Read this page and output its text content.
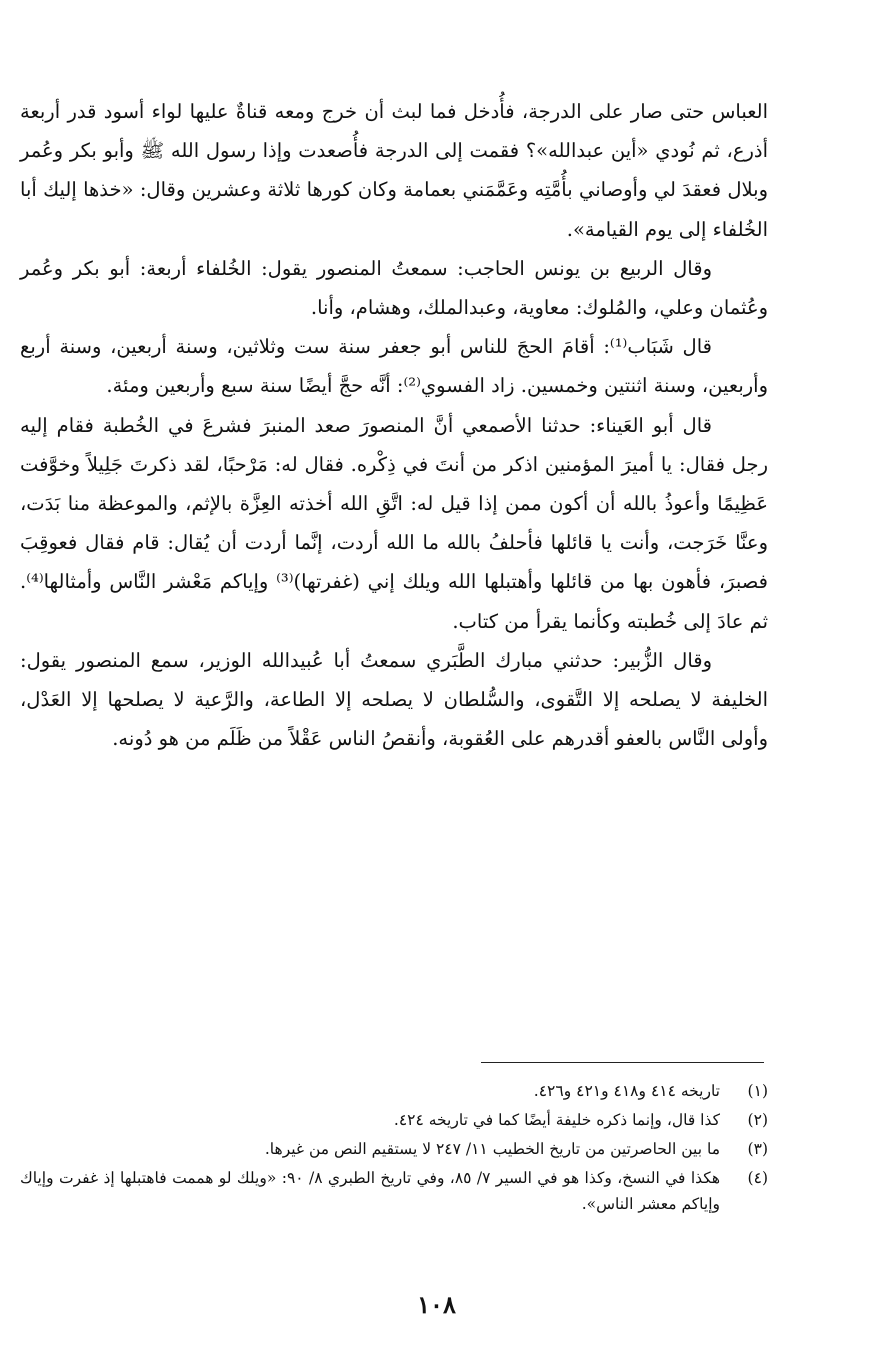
العباس حتى صار على الدرجة، فأُدخل فما لبث أن خرج ومعه قناةٌ عليها لواء أسود قدر أربعة أذرع، ثم نُودي «أين عبدالله»؟ فقمت إلى الدرجة فأُصعدت وإذا رسول الله ﷺ وأبو بكر وعُمر وبلال فعقدَ لي وأوصاني بأُمَّتِه وعَمَّمَني بعمامة وكان كورها ثلاثة وعشرين وقال: «خذها إليك أبا الخُلفاء إلى يوم القيامة».

وقال الربيع بن يونس الحاجب: سمعتُ المنصور يقول: الخُلفاء أربعة: أبو بكر وعُمر وعُثمان وعلي، والمُلوك: معاوية، وعبدالملك، وهشام، وأنا.

قال شَبَاب⁽¹⁾: أقامَ الحجَ للناس أبو جعفر سنة ست وثلاثين، وسنة أربعين، وسنة أربع وأربعين، وسنة اثنتين وخمسين. زاد الفسوي⁽²⁾: أنَّه حجَّ أيضًا سنة سبع وأربعين ومئة.

قال أبو العَيناء: حدثنا الأصمعي أنَّ المنصورَ صعد المنبرَ فشرعَ في الخُطبة فقام إليه رجل فقال: يا أميرَ المؤمنين اذكر من أنتَ في ذِكْره. فقال له: مَرْحبًا، لقد ذكرتَ جَلِيلاً وخوَّفت عَظِيمًا وأعوذُ بالله أن أكون ممن إذا قيل له: اتَّقِ الله أخذته العِزَّة بالإثم، والموعظة منا بَدَت، وعنَّا خَرَجت، وأنت يا قائلها فأحلفُ بالله ما الله أردت، إنَّما أردت أن يُقال: قام فقال فعوقِبَ فصبرَ، فأهون بها من قائلها وأهتبلها الله ويلك إني (غفرتها)⁽³⁾ وإياكم مَعْشر النَّاس وأمثالها⁽⁴⁾. ثم عادَ إلى خُطبته وكأنما يقرأ من كتاب.

وقال الزُّبير: حدثني مبارك الطَّبَري سمعتُ أبا عُبيدالله الوزير، سمع المنصور يقول: الخليفة لا يصلحه إلا التَّقوى، والسُّلطان لا يصلحه إلا الطاعة، والرَّعية لا يصلحها إلا العَدْل، وأولى النَّاس بالعفو أقدرهم على العُقوبة، وأنقصُ الناس عَقْلاً من ظَلَم من هو دُونه.

(١)
تاريخه ٤١٤ و٤١٨ و٤٢١ و٤٢٦.
(٢)
كذا قال، وإنما ذكره خليفة أيضًا كما في تاريخه ٤٢٤.
(٣)
ما بين الحاصرتين من تاريخ الخطيب ١١/ ٢٤٧ لا يستقيم النص من غيرها.
(٤)
هكذا في النسخ، وكذا هو في السير ٧/ ٨٥، وفي تاريخ الطبري ٨/ ٩٠: «ويلك لو هممت فاهتبلها إذ غفرت وإياك وإياكم معشر الناس».
١٠٨
